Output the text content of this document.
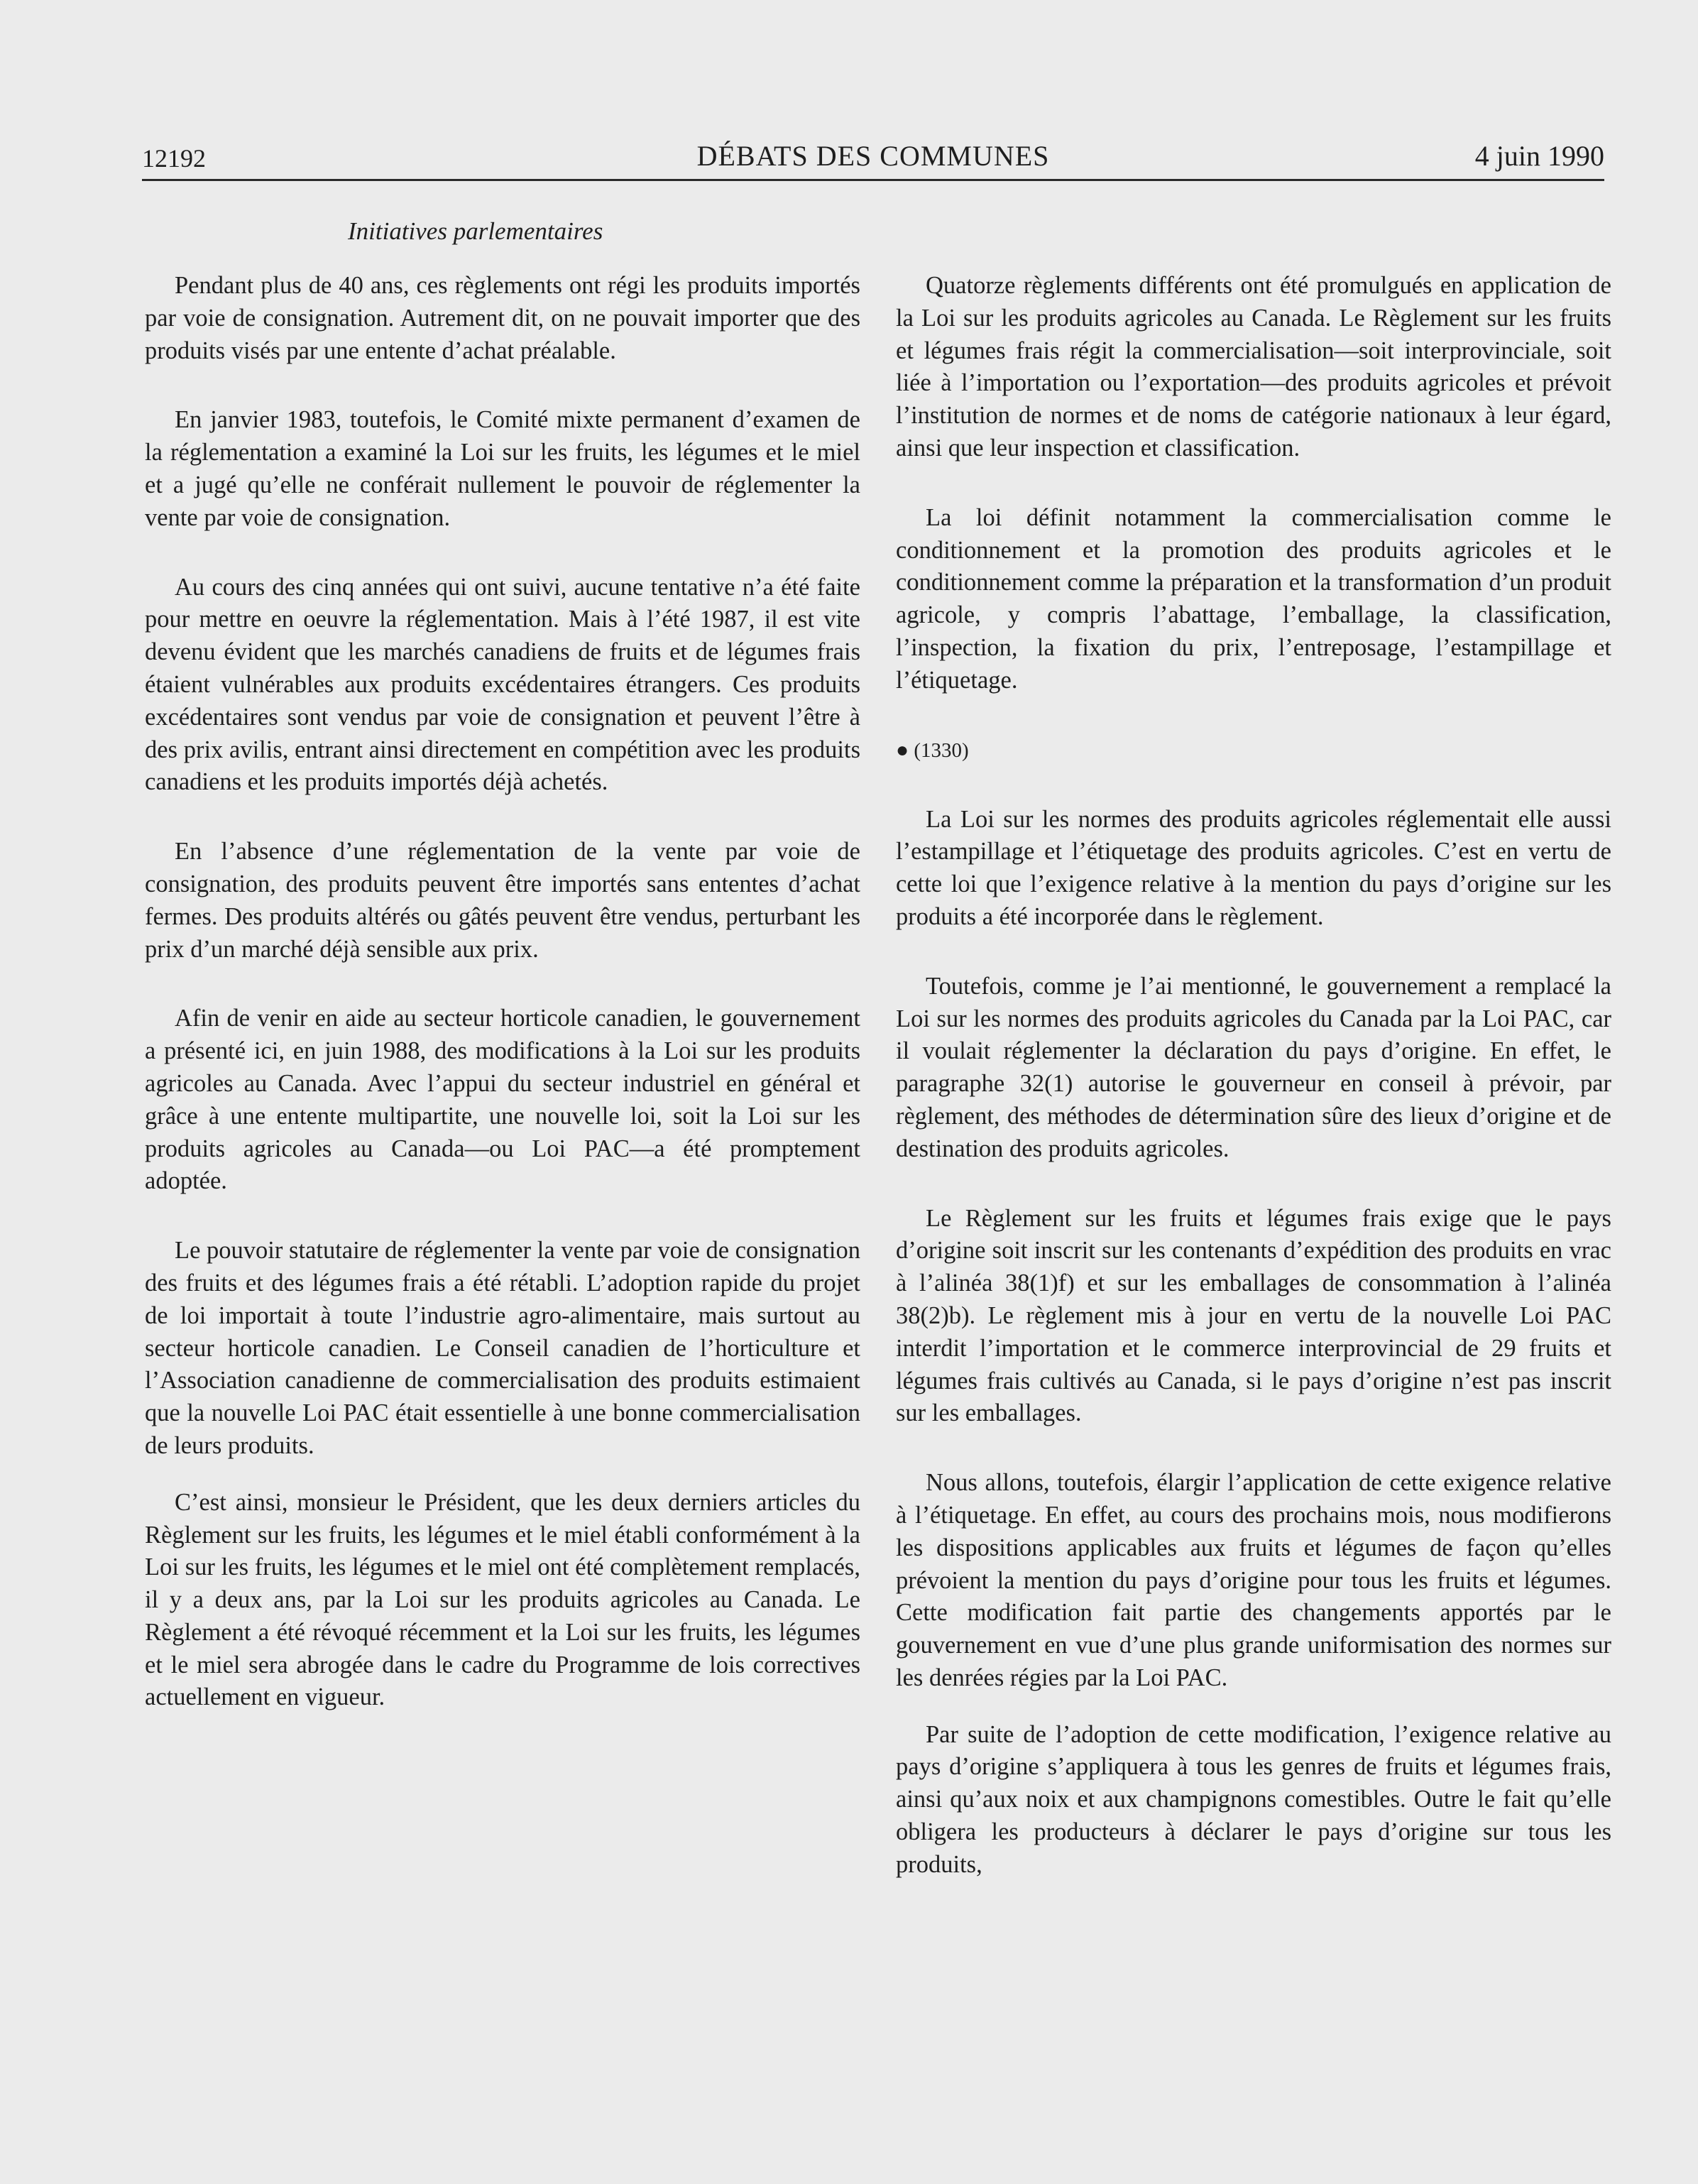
12192	DÉBATS DES COMMUNES	4 juin 1990
Initiatives parlementaires

Pendant plus de 40 ans, ces règlements ont régi les produits importés par voie de consignation. Autrement dit, on ne pouvait importer que des produits visés par une entente d’achat préalable.

En janvier 1983, toutefois, le Comité mixte permanent d’examen de la réglementation a examiné la Loi sur les fruits, les légumes et le miel et a jugé qu’elle ne conférait nullement le pouvoir de réglementer la vente par voie de consignation.

Au cours des cinq années qui ont suivi, aucune tentative n’a été faite pour mettre en oeuvre la réglementation. Mais à l’été 1987, il est vite devenu évident que les marchés canadiens de fruits et de légumes frais étaient vulnérables aux produits excédentaires étrangers. Ces produits excédentaires sont vendus par voie de consignation et peuvent l’être à des prix avilis, entrant ainsi directement en compétition avec les produits canadiens et les produits importés déjà achetés.

En l’absence d’une réglementation de la vente par voie de consignation, des produits peuvent être importés sans ententes d’achat fermes. Des produits altérés ou gâtés peuvent être vendus, perturbant les prix d’un marché déjà sensible aux prix.

Afin de venir en aide au secteur horticole canadien, le gouvernement a présenté ici, en juin 1988, des modifications à la Loi sur les produits agricoles au Canada. Avec l’appui du secteur industriel en général et grâce à une entente multipartite, une nouvelle loi, soit la Loi sur les produits agricoles au Canada—ou Loi PAC—a été promptement adoptée.

Le pouvoir statutaire de réglementer la vente par voie de consignation des fruits et des légumes frais a été rétabli. L’adoption rapide du projet de loi importait à toute l’industrie agro-alimentaire, mais surtout au secteur horticole canadien. Le Conseil canadien de l’horticulture et l’Association canadienne de commercialisation des produits estimaient que la nouvelle Loi PAC était essentielle à une bonne commercialisation de leurs produits.

C’est ainsi, monsieur le Président, que les deux derniers articles du Règlement sur les fruits, les légumes et le miel établi conformément à la Loi sur les fruits, les légumes et le miel ont été complètement remplacés, il y a deux ans, par la Loi sur les produits agricoles au Canada. Le Règlement a été révoqué récemment et la Loi sur les fruits, les légumes et le miel sera abrogée dans le cadre du Programme de lois correctives actuellement en vigueur.

Quatorze règlements différents ont été promulgués en application de la Loi sur les produits agricoles au Canada. Le Règlement sur les fruits et légumes frais régit la commercialisation—soit interprovinciale, soit liée à l’importation ou l’exportation—des produits agricoles et prévoit l’institution de normes et de noms de catégorie nationaux à leur égard, ainsi que leur inspection et classification.

La loi définit notamment la commercialisation comme le conditionnement et la promotion des produits agricoles et le conditionnement comme la préparation et la transformation d’un produit agricole, y compris l’abattage, l’emballage, la classification, l’inspection, la fixation du prix, l’entreposage, l’estampillage et l’étiquetage.

● (1330)

La Loi sur les normes des produits agricoles réglementait elle aussi l’estampillage et l’étiquetage des produits agricoles. C’est en vertu de cette loi que l’exigence relative à la mention du pays d’origine sur les produits a été incorporée dans le règlement.

Toutefois, comme je l’ai mentionné, le gouvernement a remplacé la Loi sur les normes des produits agricoles du Canada par la Loi PAC, car il voulait réglementer la déclaration du pays d’origine. En effet, le paragraphe 32(1) autorise le gouverneur en conseil à prévoir, par règlement, des méthodes de détermination sûre des lieux d’origine et de destination des produits agricoles.

Le Règlement sur les fruits et légumes frais exige que le pays d’origine soit inscrit sur les contenants d’expédition des produits en vrac à l’alinéa 38(1)f) et sur les emballages de consommation à l’alinéa 38(2)b). Le règlement mis à jour en vertu de la nouvelle Loi PAC interdit l’importation et le commerce interprovincial de 29 fruits et légumes frais cultivés au Canada, si le pays d’origine n’est pas inscrit sur les emballages.

Nous allons, toutefois, élargir l’application de cette exigence relative à l’étiquetage. En effet, au cours des prochains mois, nous modifierons les dispositions applicables aux fruits et légumes de façon qu’elles prévoient la mention du pays d’origine pour tous les fruits et légumes. Cette modification fait partie des changements apportés par le gouvernement en vue d’une plus grande uniformisation des normes sur les denrées régies par la Loi PAC.

Par suite de l’adoption de cette modification, l’exigence relative au pays d’origine s’appliquera à tous les genres de fruits et légumes frais, ainsi qu’aux noix et aux champignons comestibles. Outre le fait qu’elle obligera les producteurs à déclarer le pays d’origine sur tous les produits,
